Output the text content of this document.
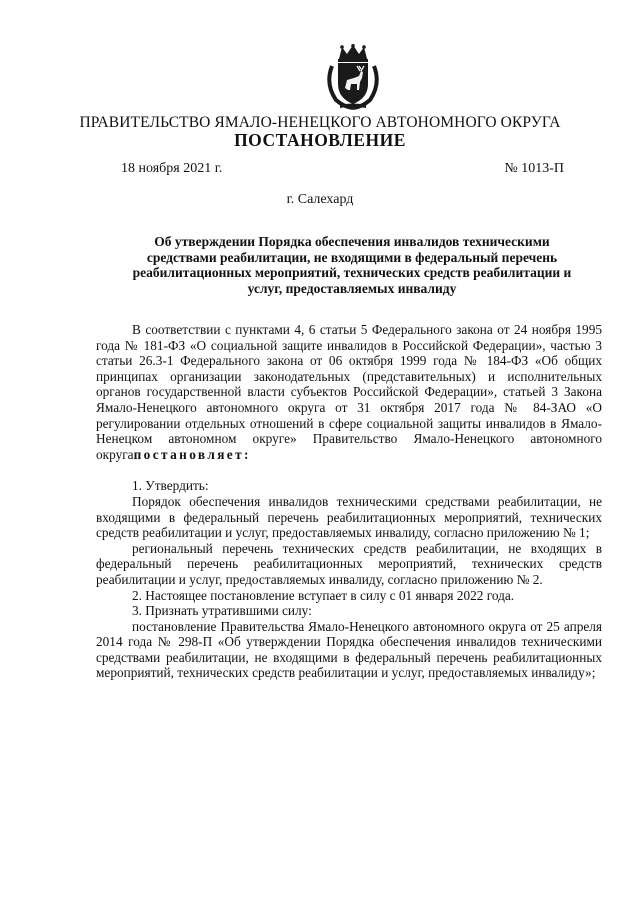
ПРАВИТЕЛЬСТВО ЯМАЛО-НЕНЕЦКОГО АВТОНОМНОГО ОКРУГА
ПОСТАНОВЛЕНИЕ
18 ноября 2021 г.	№ 1013-П
г. Салехард
Об утверждении Порядка обеспечения инвалидов техническими средствами реабилитации, не входящими в федеральный перечень реабилитационных мероприятий, технических средств реабилитации и услуг, предоставляемых инвалиду

В соответствии с пунктами 4, 6 статьи 5 Федерального закона от 24 ноября 1995 года № 181-ФЗ «О социальной защите инвалидов в Российской Федерации», частью 3 статьи 26.3-1 Федерального закона от 06 октября 1999 года № 184-ФЗ «Об общих принципах организации законодательных (представительных) и исполнительных органов государственной власти субъектов Российской Федерации», статьей 3 Закона Ямало-Ненецкого автономного округа от 31 октября 2017 года № 84-ЗАО «О регулировании отдельных отношений в сфере социальной защиты инвалидов в Ямало-Ненецком автономном округе» Правительство Ямало-Ненецкого автономного округапостановляет:

1. Утвердить:

Порядок обеспечения инвалидов техническими средствами реабилитации, не входящими в федеральный перечень реабилитационных мероприятий, технических средств реабилитации и услуг, предоставляемых инвалиду, согласно приложению № 1;

региональный перечень технических средств реабилитации, не входящих в федеральный перечень реабилитационных мероприятий, технических средств реабилитации и услуг, предоставляемых инвалиду, согласно приложению № 2.

2. Настоящее постановление вступает в силу с 01 января 2022 года.

3. Признать утратившими силу:

постановление Правительства Ямало-Ненецкого автономного округа от 25 апреля 2014 года № 298-П «Об утверждении Порядка обеспечения инвалидов техническими средствами реабилитации, не входящими в федеральный перечень реабилитационных мероприятий, технических средств реабилитации и услуг, предоставляемых инвалиду»;
